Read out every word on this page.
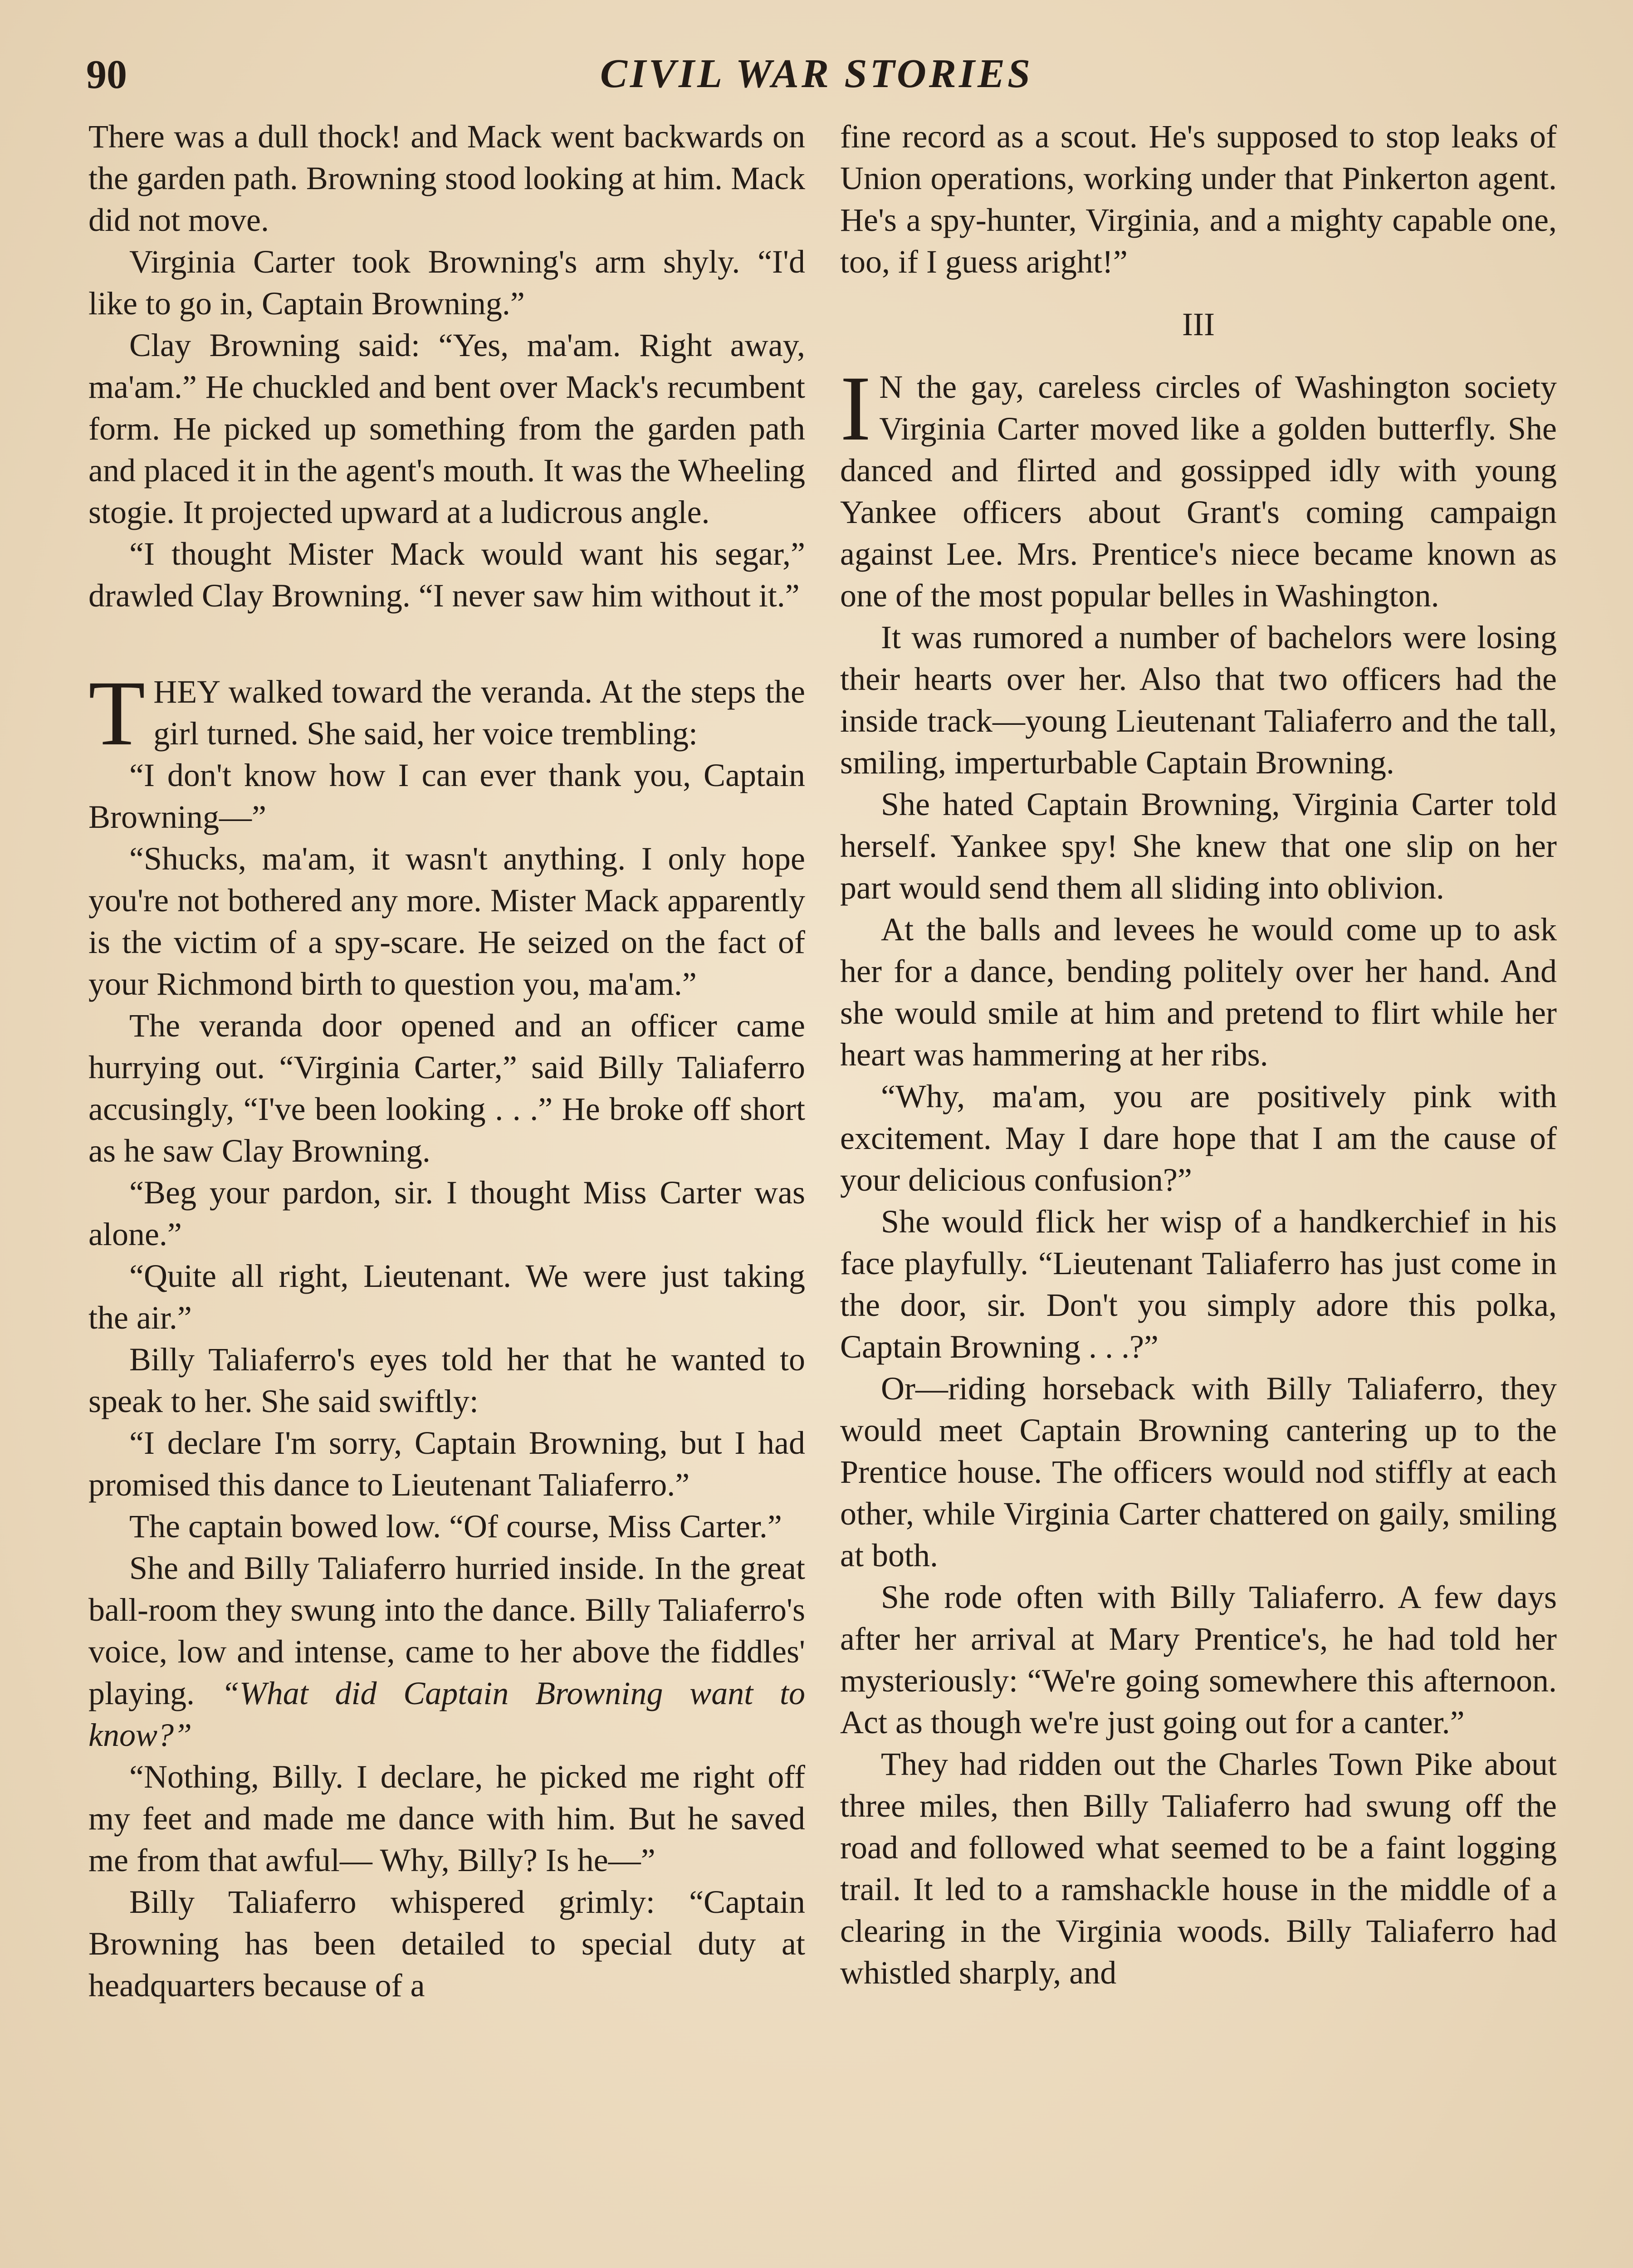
90	CIVIL WAR STORIES

There was a dull thock! and Mack went backwards on the garden path. Browning stood looking at him. Mack did not move.

Virginia Carter took Browning's arm shyly. “I'd like to go in, Captain Browning.”

Clay Browning said: “Yes, ma'am. Right away, ma'am.” He chuckled and bent over Mack's recumbent form. He picked up something from the garden path and placed it in the agent's mouth. It was the Wheeling stogie. It projected upward at a ludicrous angle.

“I thought Mister Mack would want his segar,” drawled Clay Browning. “I never saw him without it.”

THEY walked toward the veranda. At the steps the girl turned. She said, her voice trembling:

“I don't know how I can ever thank you, Captain Browning—”

“Shucks, ma'am, it wasn't anything. I only hope you're not bothered any more. Mister Mack apparently is the victim of a spy-scare. He seized on the fact of your Richmond birth to question you, ma'am.”

The veranda door opened and an officer came hurrying out. “Virginia Carter,” said Billy Taliaferro accusingly, “I've been looking . . .” He broke off short as he saw Clay Browning.

“Beg your pardon, sir. I thought Miss Carter was alone.”

“Quite all right, Lieutenant. We were just taking the air.”

Billy Taliaferro's eyes told her that he wanted to speak to her. She said swiftly:

“I declare I'm sorry, Captain Browning, but I had promised this dance to Lieutenant Taliaferro.”

The captain bowed low. “Of course, Miss Carter.”

She and Billy Taliaferro hurried inside. In the great ball-room they swung into the dance. Billy Taliaferro's voice, low and intense, came to her above the fiddles' playing. “What did Captain Browning want to know?”

“Nothing, Billy. I declare, he picked me right off my feet and made me dance with him. But he saved me from that awful— Why, Billy? Is he—”

Billy Taliaferro whispered grimly: “Captain Browning has been detailed to special duty at headquarters because of a

fine record as a scout. He's supposed to stop leaks of Union operations, working under that Pinkerton agent. He's a spy-hunter, Virginia, and a mighty capable one, too, if I guess aright!”

III

I N the gay, careless circles of Washington society Virginia Carter moved like a golden butterfly. She danced and flirted and gossipped idly with young Yankee officers about Grant's coming campaign against Lee. Mrs. Prentice's niece became known as one of the most popular belles in Washington.

It was rumored a number of bachelors were losing their hearts over her. Also that two officers had the inside track—young Lieutenant Taliaferro and the tall, smiling, imperturbable Captain Browning.

She hated Captain Browning, Virginia Carter told herself. Yankee spy! She knew that one slip on her part would send them all sliding into oblivion.

At the balls and levees he would come up to ask her for a dance, bending politely over her hand. And she would smile at him and pretend to flirt while her heart was hammering at her ribs.

“Why, ma'am, you are positively pink with excitement. May I dare hope that I am the cause of your delicious confusion?”

She would flick her wisp of a handkerchief in his face playfully. “Lieutenant Taliaferro has just come in the door, sir. Don't you simply adore this polka, Captain Browning . . .?”

Or—riding horseback with Billy Taliaferro, they would meet Captain Browning cantering up to the Prentice house. The officers would nod stiffly at each other, while Virginia Carter chattered on gaily, smiling at both.

She rode often with Billy Taliaferro. A few days after her arrival at Mary Prentice's, he had told her mysteriously: “We're going somewhere this afternoon. Act as though we're just going out for a canter.”

They had ridden out the Charles Town Pike about three miles, then Billy Taliaferro had swung off the road and followed what seemed to be a faint logging trail. It led to a ramshackle house in the middle of a clearing in the Virginia woods. Billy Taliaferro had whistled sharply, and
